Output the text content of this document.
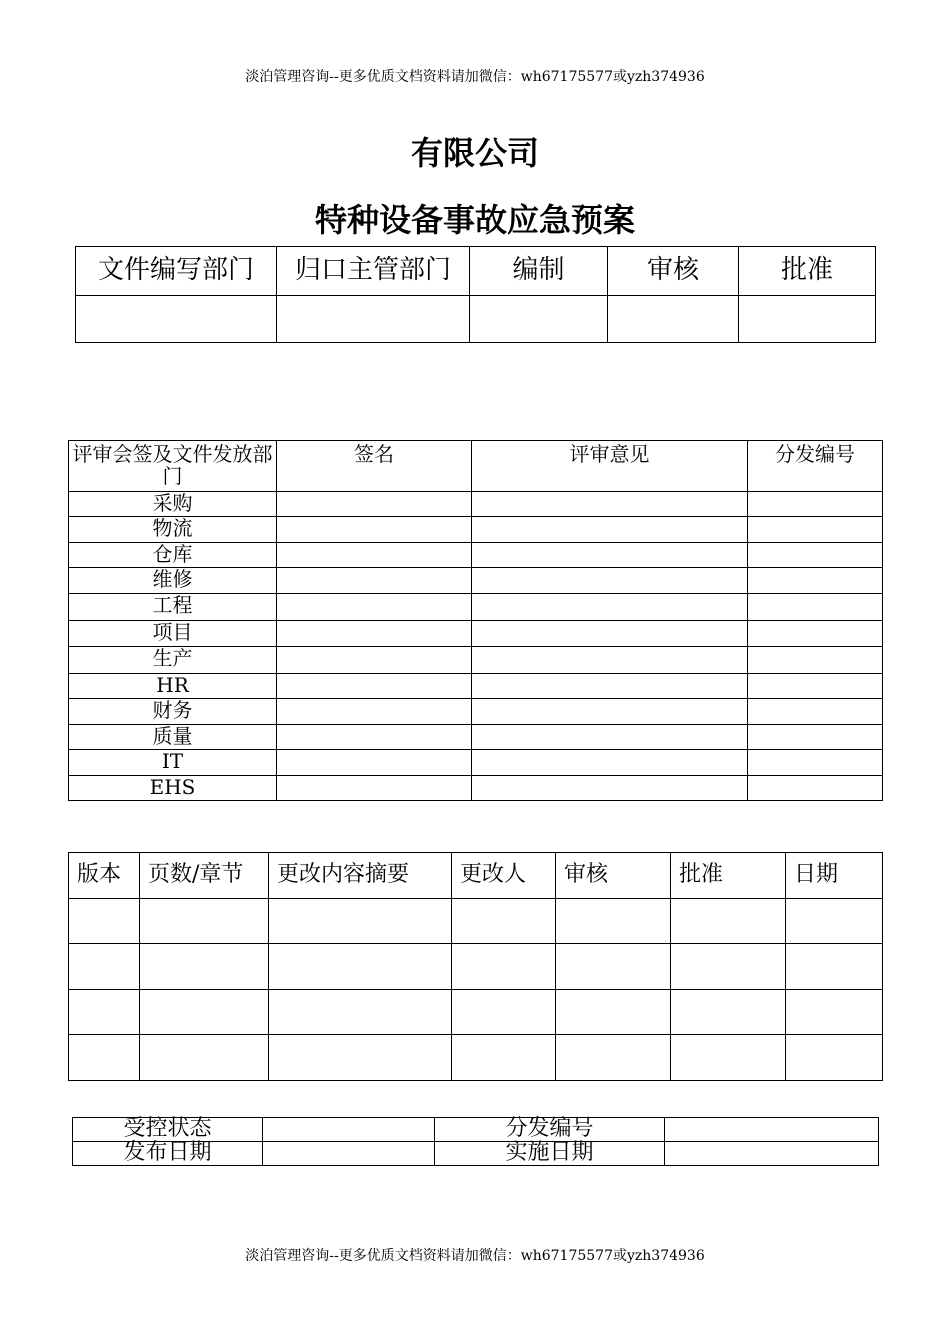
淡泊管理咨询--更多优质文档资料请加微信：wh67175577或yzh374936
有限公司
特种设备事故应急预案
文件编写部门	归口主管部门	编制	审核	批准

评审会签及文件发放部门	签名	评审意见	分发编号
采购			
物流			
仓库			
维修			
工程			
项目			
生产			
HR			
财务			
质量			
IT			
EHS			
版本	页数/章节	更改内容摘要	更改人	审核	批准	日期

受控状态		分发编号	
发布日期		实施日期	
淡泊管理咨询--更多优质文档资料请加微信：wh67175577或yzh374936
